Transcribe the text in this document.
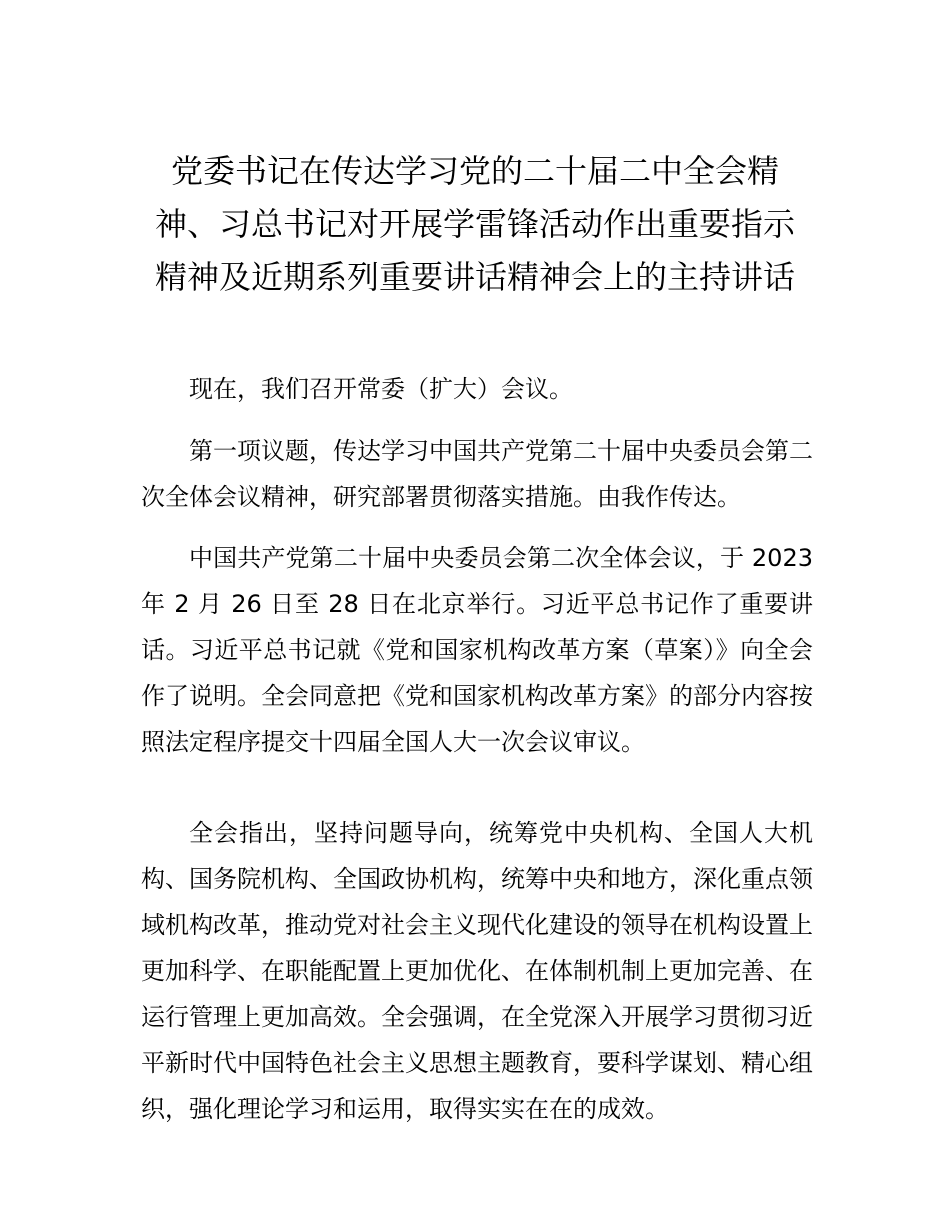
党委书记在传达学习党的二十届二中全会精神、习总书记对开展学雷锋活动作出重要指示精神及近期系列重要讲话精神会上的主持讲话

现在，我们召开常委（扩大）会议。

第一项议题，传达学习中国共产党第二十届中央委员会第二次全体会议精神，研究部署贯彻落实措施。由我作传达。

中国共产党第二十届中央委员会第二次全体会议，于 2023 年 2 月 26 日至 28 日在北京举行。习近平总书记作了重要讲话。习近平总书记就《党和国家机构改革方案（草案）》向全会作了说明。全会同意把《党和国家机构改革方案》的部分内容按照法定程序提交十四届全国人大一次会议审议。

全会指出，坚持问题导向，统筹党中央机构、全国人大机构、国务院机构、全国政协机构，统筹中央和地方，深化重点领域机构改革，推动党对社会主义现代化建设的领导在机构设置上更加科学、在职能配置上更加优化、在体制机制上更加完善、在运行管理上更加高效。全会强调，在全党深入开展学习贯彻习近平新时代中国特色社会主义思想主题教育，要科学谋划、精心组织，强化理论学习和运用，取得实实在在的成效。
